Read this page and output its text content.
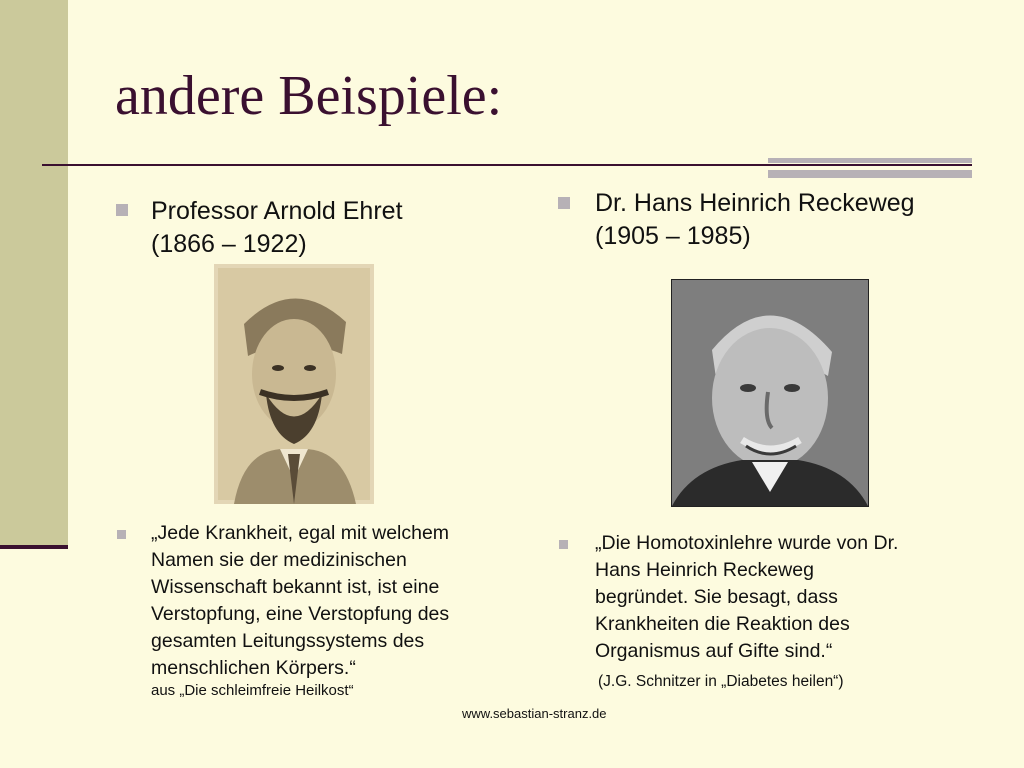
andere Beispiele:
Professor Arnold Ehret
(1866 – 1922)
„Jede Krankheit, egal mit welchem
Namen sie der medizinischen
Wissenschaft bekannt ist, ist eine
Verstopfung, eine Verstopfung des
gesamten Leitungssystems des
menschlichen Körpers.“
aus „Die schleimfreie Heilkost“
Dr. Hans Heinrich Reckeweg
(1905 – 1985)
„Die Homotoxinlehre wurde von Dr.
Hans Heinrich Reckeweg
begründet. Sie besagt, dass
Krankheiten die Reaktion des
Organismus auf Gifte sind.“
(J.G. Schnitzer in „Diabetes heilen“)
www.sebastian-stranz.de
